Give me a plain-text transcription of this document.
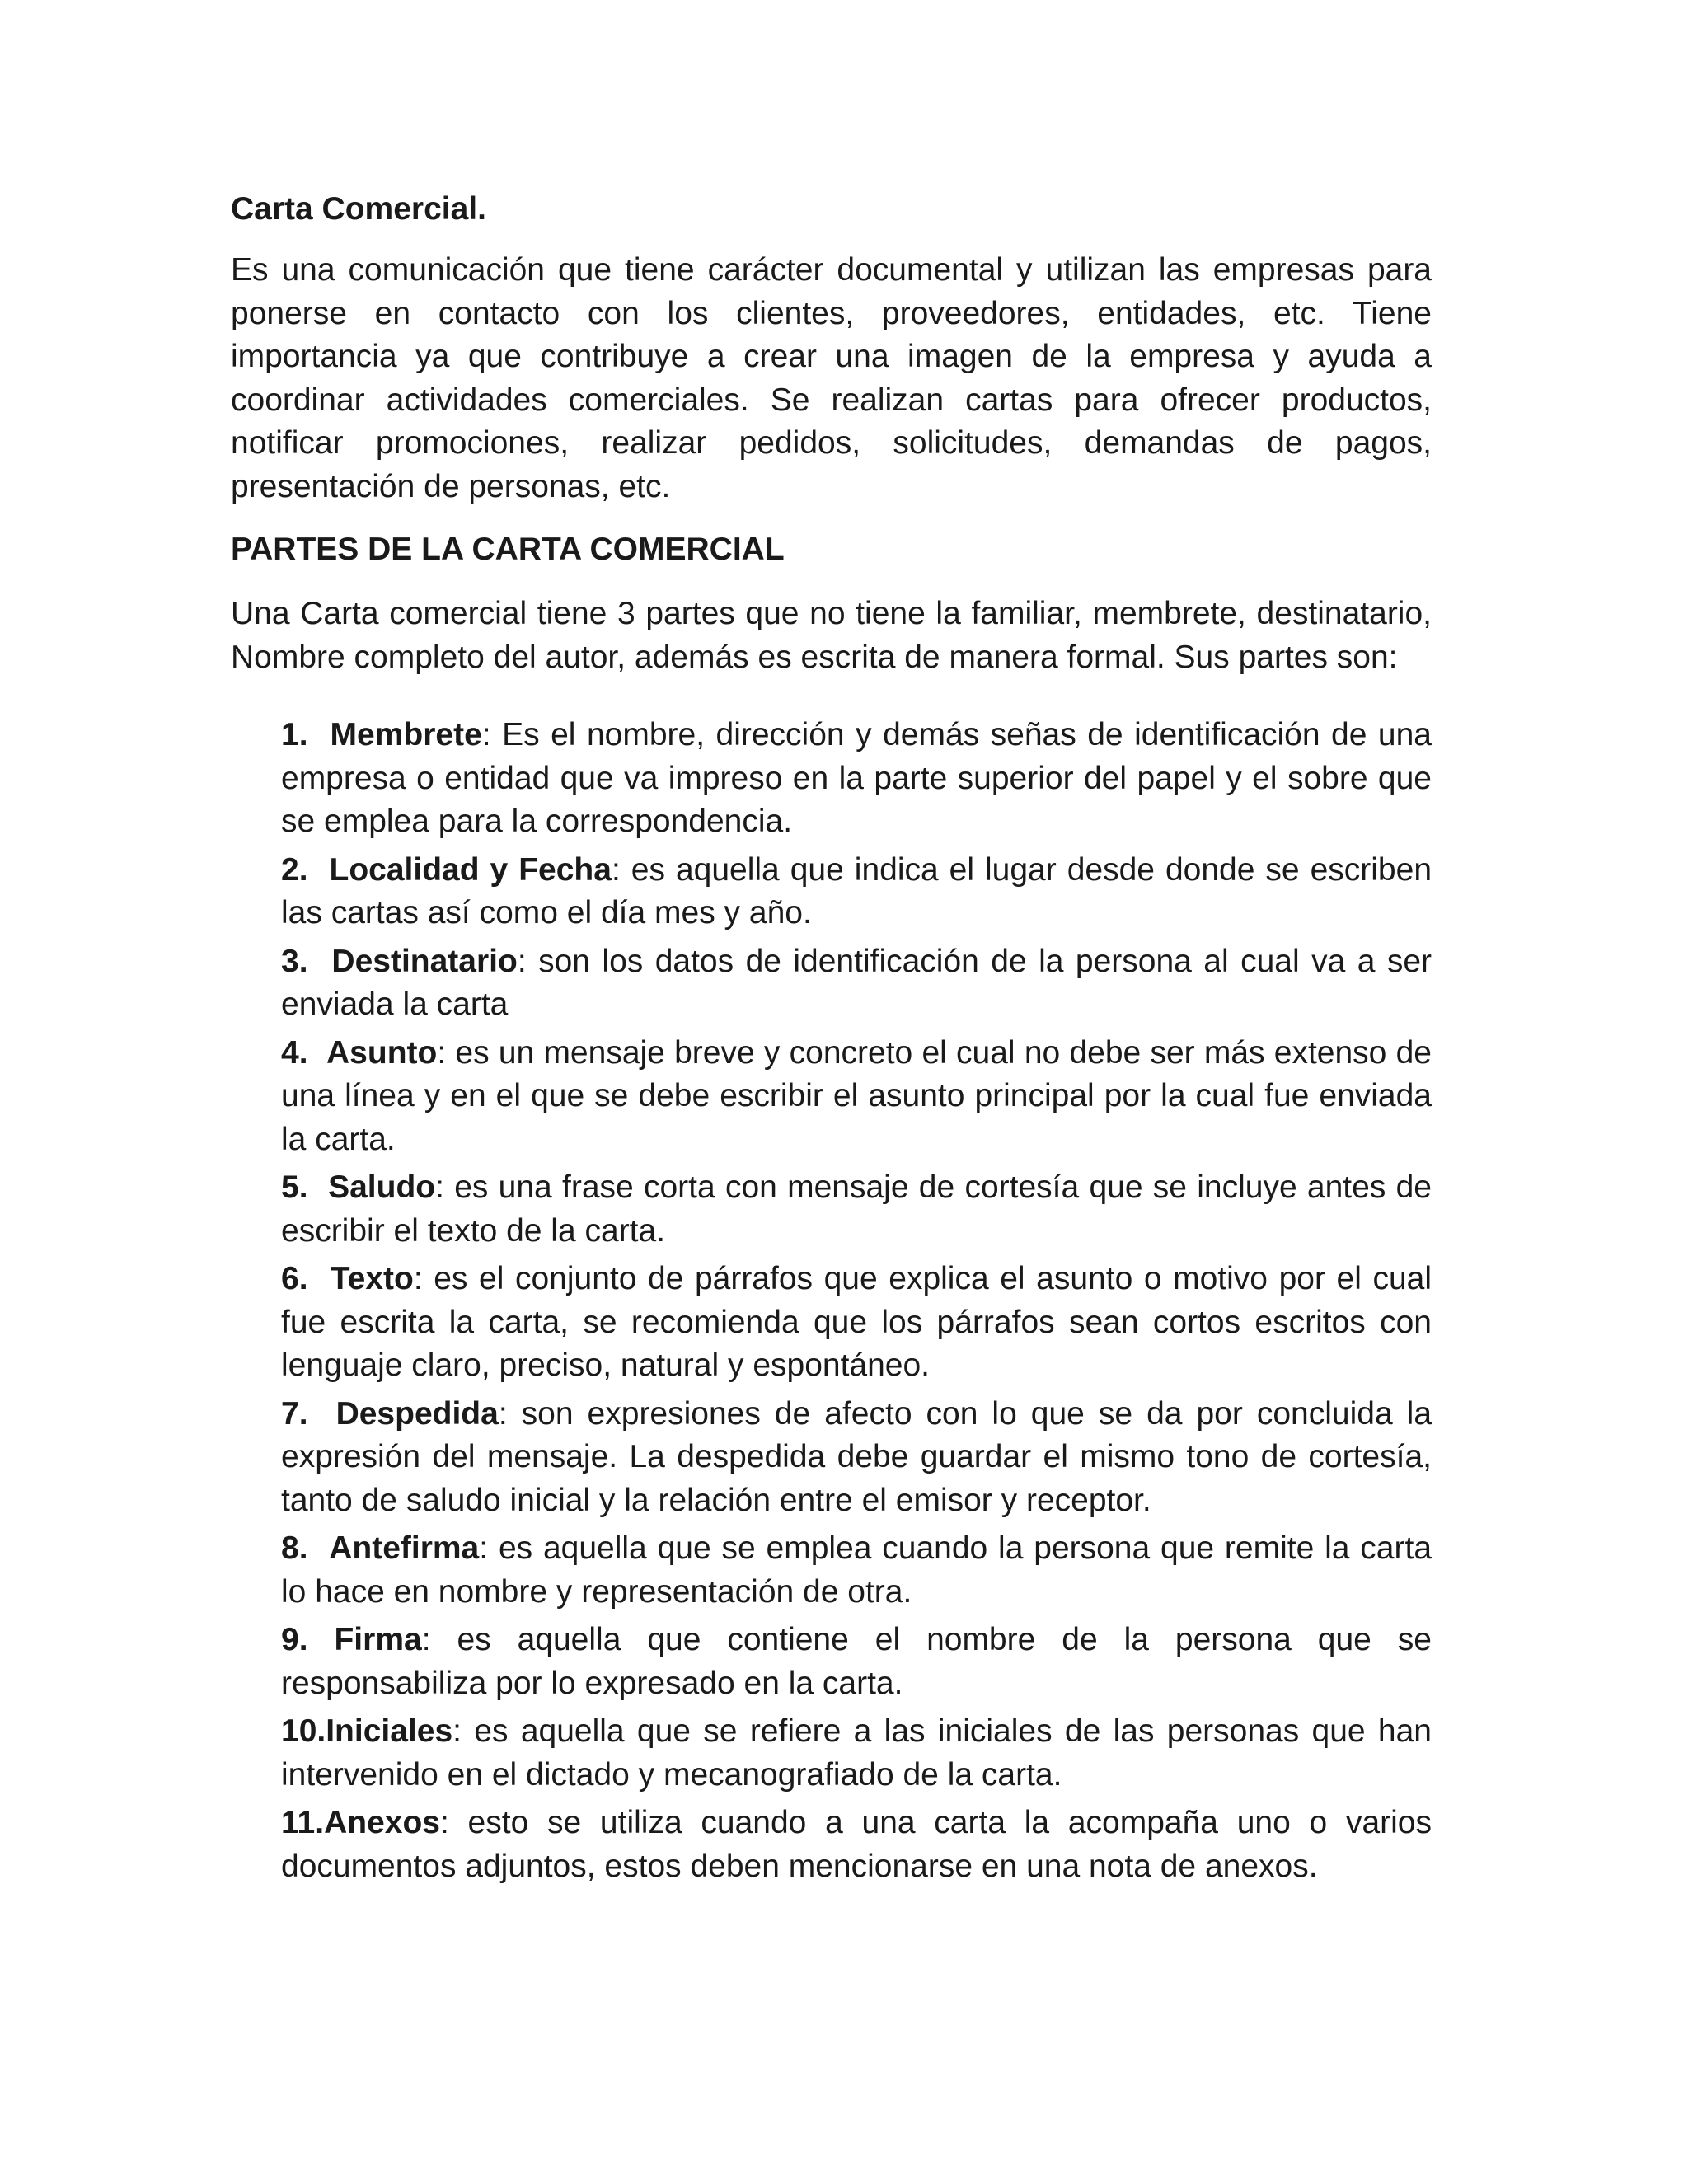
Carta Comercial.

Es una comunicación que tiene carácter documental y utilizan las empresas para ponerse en contacto con los clientes, proveedores, entidades, etc. Tiene importancia ya que contribuye a crear una imagen de la empresa y ayuda a coordinar actividades comerciales. Se realizan cartas para ofrecer productos, notificar promociones, realizar pedidos, solicitudes, demandas de pagos, presentación de personas, etc.

PARTES DE LA CARTA COMERCIAL

Una Carta comercial tiene 3 partes que no tiene la familiar, membrete, destinatario, Nombre completo del autor, además es escrita de manera formal. Sus partes son:

1. Membrete: Es el nombre, dirección y demás señas de identificación de una empresa o entidad que va impreso en la parte superior del papel y el sobre que se emplea para la correspondencia.
2. Localidad y Fecha: es aquella que indica el lugar desde donde se escriben las cartas así como el día mes y año.
3. Destinatario: son los datos de identificación de la persona al cual va a ser enviada la carta
4. Asunto: es un mensaje breve y concreto el cual no debe ser más extenso de una línea y en el que se debe escribir el asunto principal por la cual fue enviada la carta.
5. Saludo: es una frase corta con mensaje de cortesía que se incluye antes de escribir el texto de la carta.
6. Texto: es el conjunto de párrafos que explica el asunto o motivo por el cual fue escrita la carta, se recomienda que los párrafos sean cortos escritos con lenguaje claro, preciso, natural y espontáneo.
7. Despedida: son expresiones de afecto con lo que se da por concluida la expresión del mensaje. La despedida debe guardar el mismo tono de cortesía, tanto de saludo inicial y la relación entre el emisor y receptor.
8. Antefirma: es aquella que se emplea cuando la persona que remite la carta lo hace en nombre y representación de otra.
9. Firma: es aquella que contiene el nombre de la persona que se responsabiliza por lo expresado en la carta.
10.Iniciales: es aquella que se refiere a las iniciales de las personas que han intervenido en el dictado y mecanografiado de la carta.
11.Anexos: esto se utiliza cuando a una carta la acompaña uno o varios documentos adjuntos, estos deben mencionarse en una nota de anexos.
